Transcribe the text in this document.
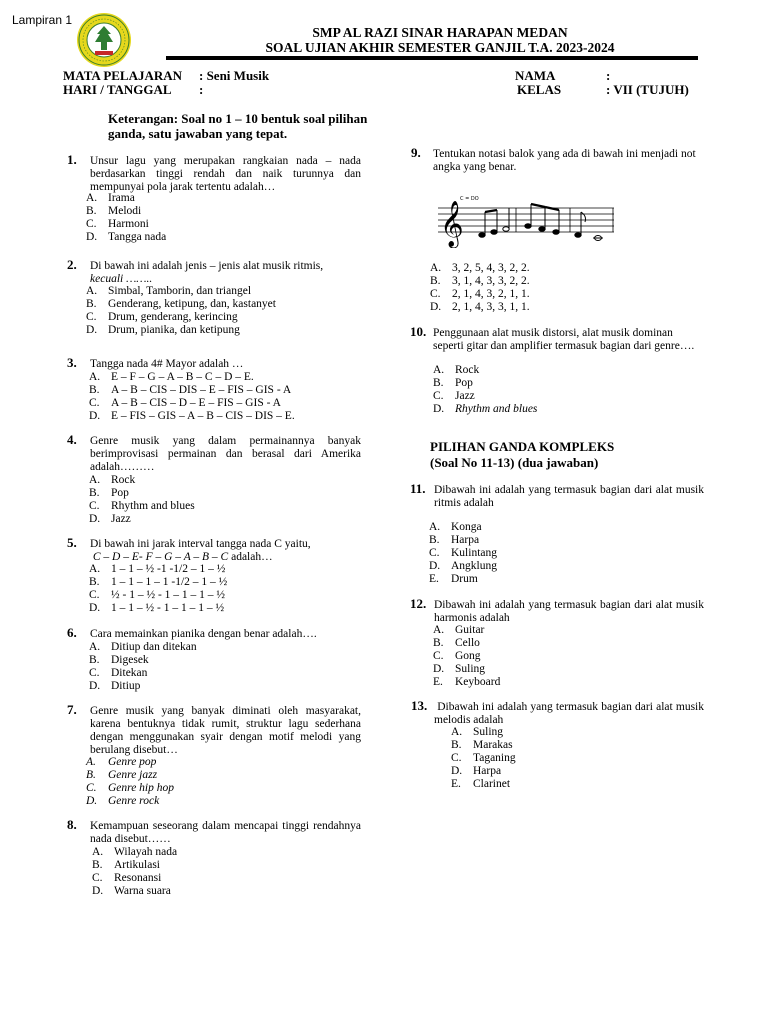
Lampiran 1
SMP AL RAZI SINAR HARAPAN MEDAN
SOAL UJIAN AKHIR SEMESTER GANJIL T.A. 2023-2024
MATA PELAJARAN : Seni Musik
HARI / TANGGAL :
NAMA	:
KELAS	: VII (TUJUH)
Keterangan: Soal no 1 – 10 bentuk soal pilihan ganda, satu jawaban yang tepat.
1. Unsur lagu yang merupakan rangkaian nada – nada berdasarkan tinggi rendah dan naik turunnya dan mempunyai pola jarak tertentu adalah…
A. Irama
B. Melodi
C. Harmoni
D. Tangga nada
2. Di bawah ini adalah jenis – jenis alat musik ritmis,
kecuali ……..
A. Simbal, Tamborin, dan triangel
B. Genderang, ketipung, dan, kastanyet
C. Drum, genderang, kerincing
D. Drum, pianika, dan ketipung
3. Tangga nada 4# Mayor adalah …
A. E – F – G – A – B – C – D – E.
B. A – B – CIS – DIS – E – FIS – GIS - A
C. A – B – CIS – D – E – FIS – GIS - A
D. E – FIS – GIS – A – B – CIS – DIS – E.
4. Genre musik yang dalam permainannya banyak berimprovisasi permainan dan berasal dari Amerika adalah………
A. Rock
B. Pop
C. Rhythm and blues
D. Jazz
5. Di bawah ini jarak interval tangga nada C yaitu,
C – D – E- F – G – A – B – C adalah…
A. 1 – 1 – ½ -1 -1/2 – 1 – ½
B. 1 – 1 – 1 – 1 -1/2 – 1 – ½
C. ½ - 1 – ½ - 1 – 1 – 1 – ½
D. 1 – 1 – ½ - 1 – 1 – 1 – ½
6. Cara memainkan pianika dengan benar adalah….
A. Ditiup dan ditekan
B. Digesek
C. Ditekan
D. Ditiup
7. Genre musik yang banyak diminati oleh masyarakat, karena bentuknya tidak rumit, struktur lagu sederhana dengan menggunakan syair dengan motif melodi yang berulang disebut…
A. Genre pop
B. Genre jazz
C. Genre hip hop
D. Genre rock
8. Kemampuan seseorang dalam mencapai tinggi rendahnya nada disebut……
A. Wilayah nada
B. Artikulasi
C. Resonansi
D. Warna suara
9. Tentukan notasi balok yang ada di bawah ini menjadi not angka yang benar.
C = DO
𝄞
A. 3, 2, 5, 4, 3, 2, 2.
B. 3, 1, 4, 3, 3, 2, 2.
C. 2, 1, 4, 3, 2, 1, 1.
D. 2, 1, 4, 3, 3, 1, 1.
10. Penggunaan alat musik distorsi, alat musik dominan seperti gitar dan amplifier termasuk bagian dari genre….
A. Rock
B. Pop
C. Jazz
D. Rhythm and blues
PILIHAN GANDA KOMPLEKS
(Soal No 11-13) (dua jawaban)
11. Dibawah ini adalah yang termasuk bagian dari alat musik ritmis adalah
A. Konga
B. Harpa
C. Kulintang
D. Angklung
E. Drum
12. Dibawah ini adalah yang termasuk bagian dari alat musik harmonis adalah
A. Guitar
B. Cello
C. Gong
D. Suling
E. Keyboard
13. Dibawah ini adalah yang termasuk bagian dari alat musik melodis adalah
A. Suling
B. Marakas
C. Taganing
D. Harpa
E. Clarinet
